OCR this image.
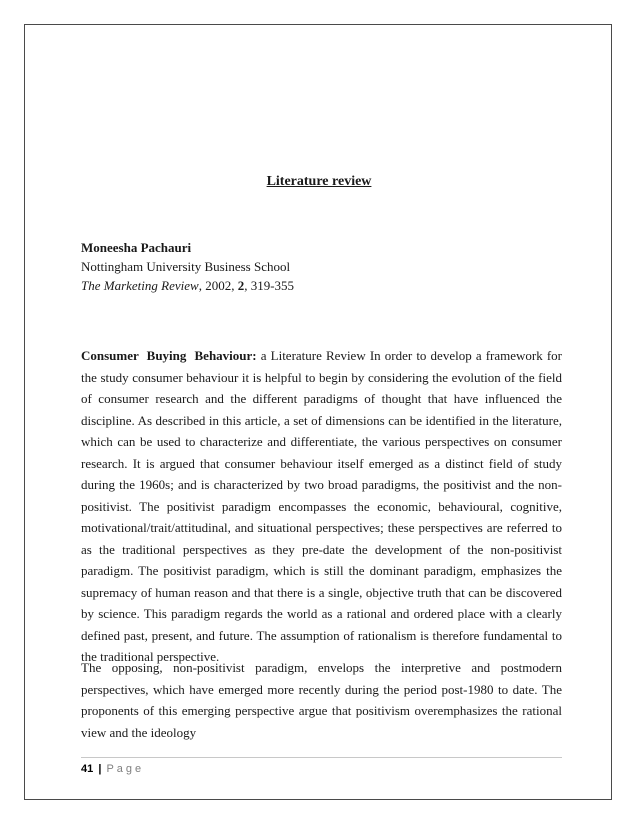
Literature review
Moneesha Pachauri
Nottingham University Business School
The Marketing Review, 2002, 2, 319-355

Consumer Buying Behaviour: a Literature Review In order to develop a framework for the study consumer behaviour it is helpful to begin by considering the evolution of the field of consumer research and the different paradigms of thought that have influenced the discipline. As described in this article, a set of dimensions can be identified in the literature, which can be used to characterize and differentiate, the various perspectives on consumer research. It is argued that consumer behaviour itself emerged as a distinct field of study during the 1960s; and is characterized by two broad paradigms, the positivist and the non-positivist. The positivist paradigm encompasses the economic, behavioural, cognitive, motivational/trait/attitudinal, and situational perspectives; these perspectives are referred to as the traditional perspectives as they pre-date the development of the non-positivist paradigm. The positivist paradigm, which is still the dominant paradigm, emphasizes the supremacy of human reason and that there is a single, objective truth that can be discovered by science. This paradigm regards the world as a rational and ordered place with a clearly defined past, present, and future. The assumption of rationalism is therefore fundamental to the traditional perspective.

The opposing, non-positivist paradigm, envelops the interpretive and postmodern perspectives, which have emerged more recently during the period post-1980 to date. The proponents of this emerging perspective argue that positivism overemphasizes the rational view and the ideology

41 | Page
